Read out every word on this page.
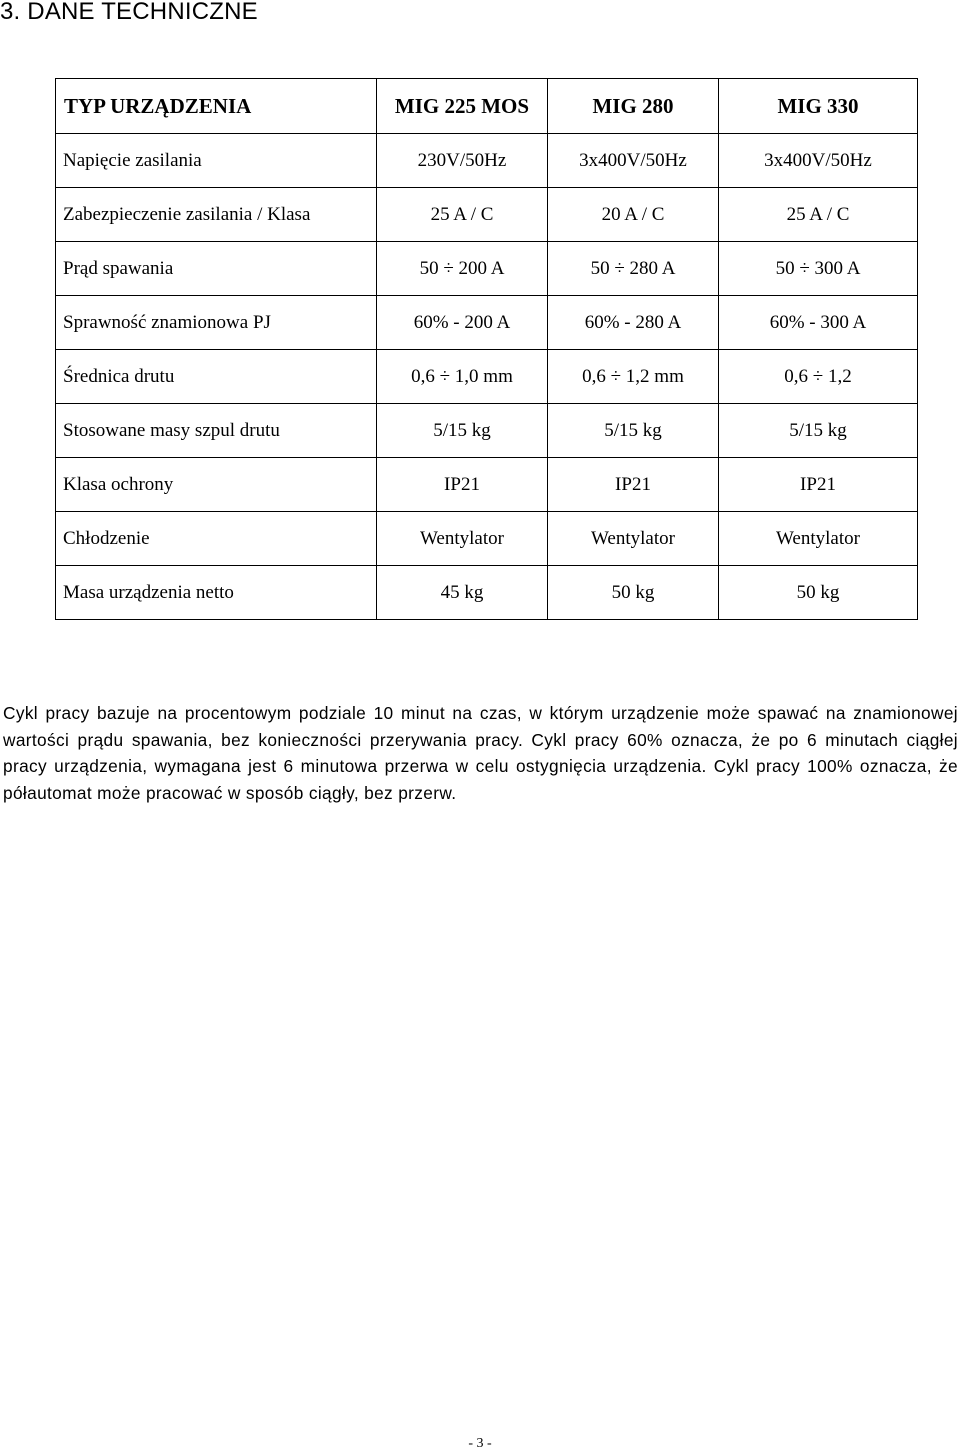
3. DANE TECHNICZNE
TYP URZĄDZENIA	MIG 225 MOS	MIG 280	MIG 330
Napięcie zasilania	230V/50Hz	3x400V/50Hz	3x400V/50Hz
Zabezpieczenie zasilania / Klasa	25 A / C	20 A / C	25 A / C
Prąd spawania	50 ÷ 200 A	50 ÷ 280 A	50 ÷ 300 A
Sprawność znamionowa PJ	60% - 200 A	60% - 280 A	60% - 300 A
Średnica drutu	0,6 ÷ 1,0 mm	0,6 ÷ 1,2 mm	0,6 ÷ 1,2
Stosowane masy szpul drutu	5/15 kg	5/15 kg	5/15 kg
Klasa ochrony	IP21	IP21	IP21
Chłodzenie	Wentylator	Wentylator	Wentylator
Masa urządzenia netto	45 kg	50 kg	50 kg

Cykl pracy bazuje na procentowym podziale 10 minut na czas, w którym urządzenie może spawać na znamionowej wartości prądu spawania, bez konieczności przerywania pracy. Cykl pracy 60% oznacza, że po 6 minutach ciągłej pracy urządzenia, wymagana jest 6 minutowa przerwa w celu ostygnięcia urządzenia. Cykl pracy 100% oznacza, że półautomat może pracować w sposób ciągły, bez przerw.

- 3 -
